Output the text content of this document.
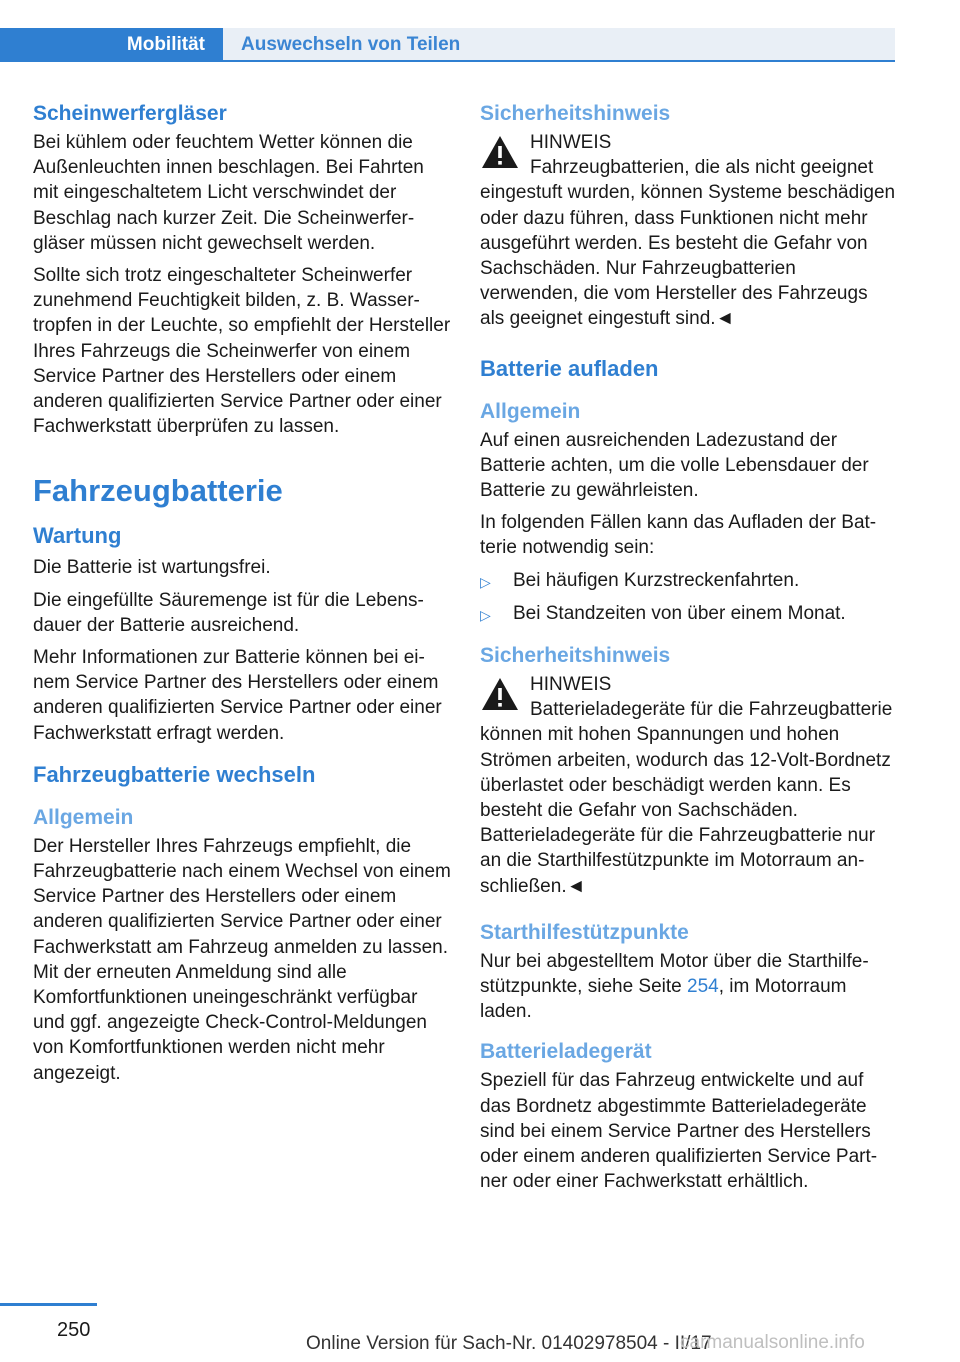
Mobilität	Auswechseln von Teilen
Scheinwerfergläser

Bei kühlem oder feuchtem Wetter können die Außenleuchten innen beschlagen. Bei Fahrten mit eingeschaltetem Licht verschwindet der Beschlag nach kurzer Zeit. Die Scheinwerfergläser müssen nicht gewechselt werden.

Sollte sich trotz eingeschalteter Scheinwerfer zunehmend Feuchtigkeit bilden, z. B. Wassertropfen in der Leuchte, so empfiehlt der Hersteller Ihres Fahrzeugs die Scheinwerfer von einem Service Partner des Herstellers oder einem anderen qualifizierten Service Partner oder einer Fachwerkstatt überprüfen zu lassen.

Fahrzeugbatterie
Wartung

Die Batterie ist wartungsfrei.

Die eingefüllte Säuremenge ist für die Lebensdauer der Batterie ausreichend.

Mehr Informationen zur Batterie können bei einem Service Partner des Herstellers oder einem anderen qualifizierten Service Partner oder einer Fachwerkstatt erfragt werden.

Fahrzeugbatterie wechseln
Allgemein

Der Hersteller Ihres Fahrzeugs empfiehlt, die Fahrzeugbatterie nach einem Wechsel von einem Service Partner des Herstellers oder einem anderen qualifizierten Service Partner oder einer Fachwerkstatt am Fahrzeug anmelden zu lassen. Mit der erneuten Anmeldung sind alle Komfortfunktionen uneingeschränkt verfügbar und ggf. angezeigte Check-Control-Meldungen von Komfortfunktionen werden nicht mehr angezeigt.

Sicherheitshinweis
HINWEIS

Fahrzeugbatterien, die als nicht geeignet eingestuft wurden, können Systeme beschädigen oder dazu führen, dass Funktionen nicht mehr ausgeführt werden. Es besteht die Gefahr von Sachschäden. Nur Fahrzeugbatterien verwenden, die vom Hersteller des Fahrzeugs als geeignet eingestuft sind.◄

Batterie aufladen
Allgemein

Auf einen ausreichenden Ladezustand der Batterie achten, um die volle Lebensdauer der Batterie zu gewährleisten.

In folgenden Fällen kann das Aufladen der Batterie notwendig sein:

▷	Bei häufigen Kurzstreckenfahrten.
▷	Bei Standzeiten von über einem Monat.
Sicherheitshinweis
HINWEIS

Batterieladegeräte für die Fahrzeugbatterie können mit hohen Spannungen und hohen Strömen arbeiten, wodurch das 12-Volt-Bordnetz überlastet oder beschädigt werden kann. Es besteht die Gefahr von Sachschäden. Batterieladegeräte für die Fahrzeugbatterie nur an die Starthilfestützpunkte im Motorraum anschließen.◄

Starthilfestützpunkte

Nur bei abgestelltem Motor über die Starthilfestützpunkte, siehe Seite 254, im Motorraum laden.

Batterieladegerät

Speziell für das Fahrzeug entwickelte und auf das Bordnetz abgestimmte Batterieladegeräte sind bei einem Service Partner des Herstellers oder einem anderen qualifizierten Service Partner oder einer Fachwerkstatt erhältlich.

250
Online Version für Sach-Nr. 01402978504 - II/17
carmanualsonline.info
